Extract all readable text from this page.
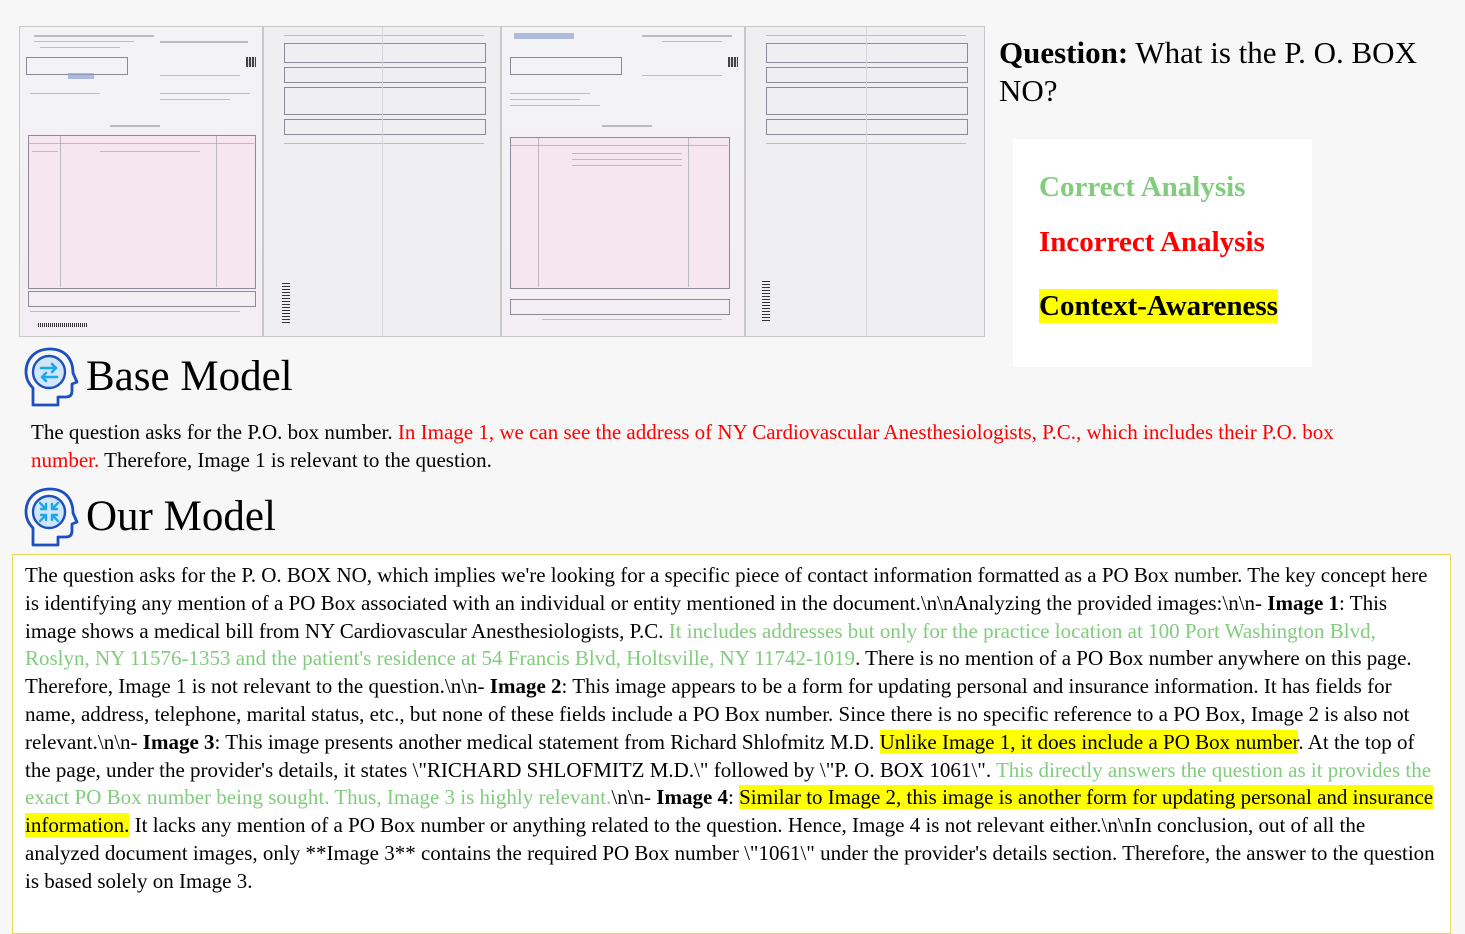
Question: What is the P. O. BOX NO?
Correct Analysis
Incorrect Analysis
Context-Awareness
Base Model
The question asks for the P.O. box number. In Image 1, we can see the address of NY Cardiovascular Anesthesiologists, P.C., which includes their P.O. box number. Therefore, Image 1 is relevant to the question.
Our Model
The question asks for the P. O. BOX NO, which implies we're looking for a specific piece of contact information formatted as a PO Box number. The key concept here is identifying any mention of a PO Box associated with an individual or entity mentioned in the document.\n\nAnalyzing the provided images:\n\n- Image 1: This image shows a medical bill from NY Cardiovascular Anesthesiologists, P.C. It includes addresses but only for the practice location at 100 Port Washington Blvd, Roslyn, NY 11576-1353 and the patient's residence at 54 Francis Blvd, Holtsville, NY 11742-1019. There is no mention of a PO Box number anywhere on this page. Therefore, Image 1 is not relevant to the question.\n\n- Image 2: This image appears to be a form for updating personal and insurance information. It has fields for name, address, telephone, marital status, etc., but none of these fields include a PO Box number. Since there is no specific reference to a PO Box, Image 2 is also not relevant.\n\n- Image 3: This image presents another medical statement from Richard Shlofmitz M.D. Unlike Image 1, it does include a PO Box number. At the top of the page, under the provider's details, it states \"RICHARD SHLOFMITZ M.D.\" followed by \"P. O. BOX 1061\". This directly answers the question as it provides the exact PO Box number being sought. Thus, Image 3 is highly relevant.\n\n- Image 4: Similar to Image 2, this image is another form for updating personal and insurance information. It lacks any mention of a PO Box number or anything related to the question. Hence, Image 4 is not relevant either.\n\nIn conclusion, out of all the analyzed document images, only **Image 3** contains the required PO Box number \"1061\" under the provider's details section. Therefore, the answer to the question is based solely on Image 3.
